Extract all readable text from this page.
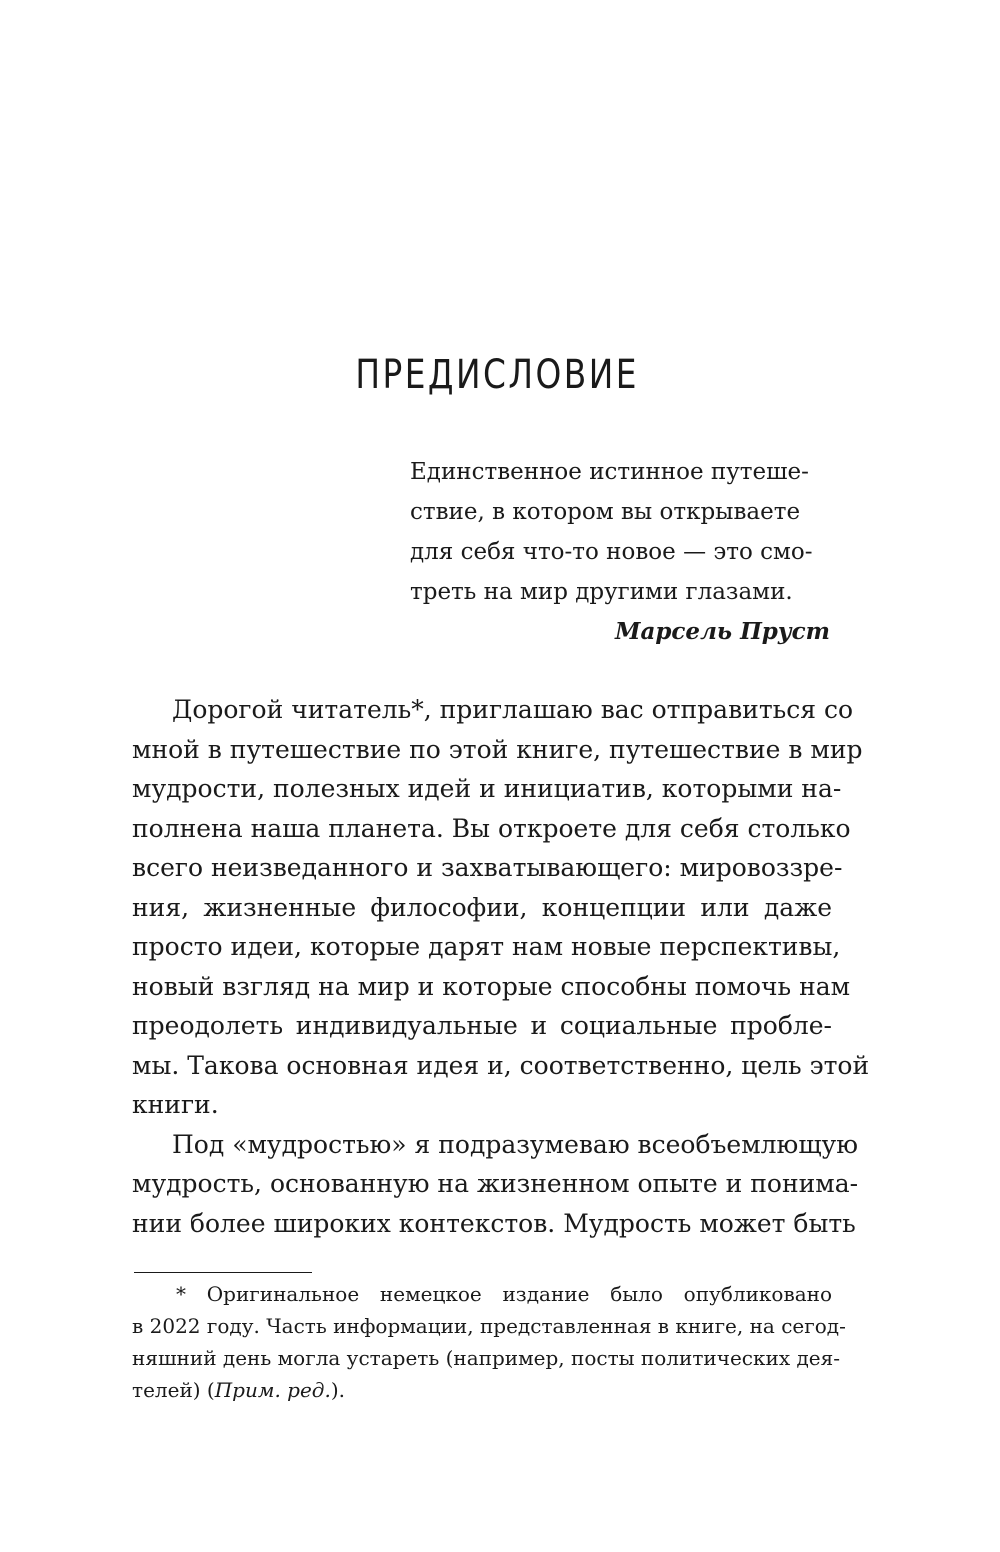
ПРЕДИСЛОВИЕ
Единственное истинное путеше-
ствие, в котором вы открываете
для себя что-то новое — это смо-
треть на мир другими глазами.
Марсель Пруст
Дорогой читатель*, приглашаю вас отправиться со
мной в путешествие по этой книге, путешествие в мир
мудрости, полезных идей и инициатив, которыми на-
полнена наша планета. Вы откроете для себя столько
всего неизведанного и захватывающего: мировоззре-
ния, жизненные философии, концепции или даже
просто идеи, которые дарят нам новые перспективы,
новый взгляд на мир и которые способны помочь нам
преодолеть индивидуальные и социальные пробле-
мы. Такова основная идея и, соответственно, цель этой
книги.
Под «мудростью» я подразумеваю всеобъемлющую
мудрость, основанную на жизненном опыте и понима-
нии более широких контекстов. Мудрость может быть
* Оригинальное немецкое издание было опубликовано
в 2022 году. Часть информации, представленная в книге, на сегод-
няшний день могла устареть (например, посты политических дея-
телей) (Прим. ред.).
